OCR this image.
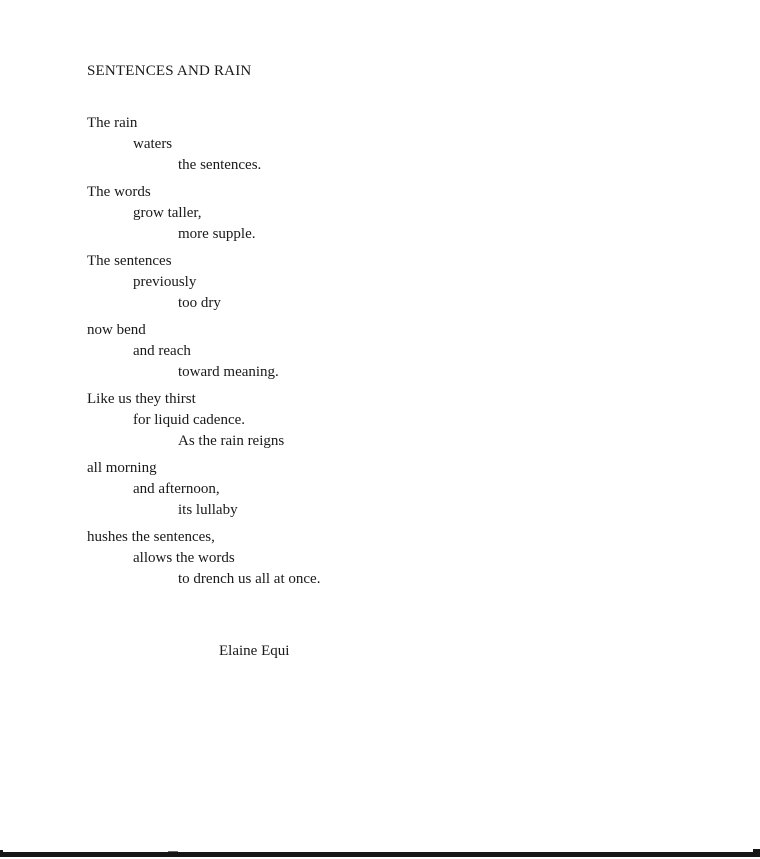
SENTENCES AND RAIN
The rain
waters
the sentences.
The words
grow taller,
more supple.
The sentences
previously
too dry
now bend
and reach
toward meaning.
Like us they thirst
for liquid cadence.
As the rain reigns
all morning
and afternoon,
its lullaby
hushes the sentences,
allows the words
to drench us all at once.
Elaine Equi
